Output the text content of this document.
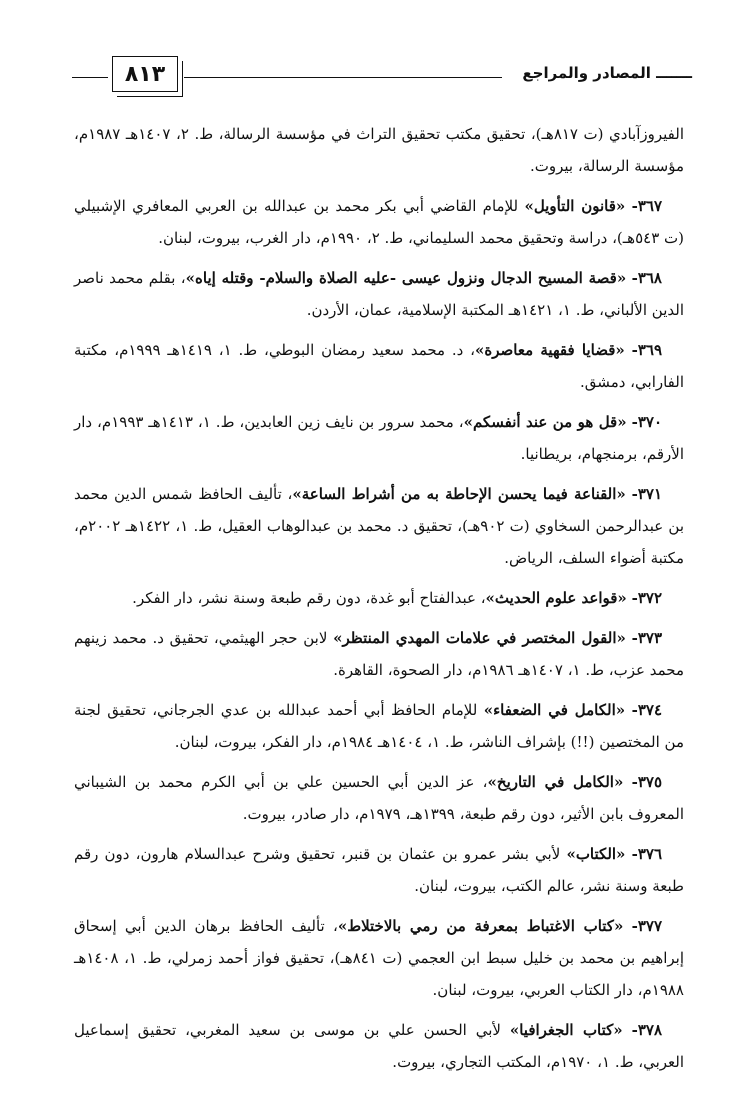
٨١٣	ـــــــ المصادر والمراجع

الفيروزآبادي (ت ٨١٧هـ)، تحقيق مكتب تحقيق التراث في مؤسسة الرسالة، ط. ٢، ١٤٠٧هـ ١٩٨٧م، مؤسسة الرسالة، بيروت.

٣٦٧- «قانون التأويل» للإمام القاضي أبي بكر محمد بن عبدالله بن العربي المعافري الإشبيلي (ت ٥٤٣هـ)، دراسة وتحقيق محمد السليماني، ط. ٢، ١٩٩٠م، دار الغرب، بيروت، لبنان.

٣٦٨- «قصة المسيح الدجال ونزول عيسى -عليه الصلاة والسلام- وقتله إياه»، بقلم محمد ناصر الدين الألباني، ط. ١، ١٤٢١هـ المكتبة الإسلامية، عمان، الأردن.

٣٦٩- «قضايا فقهية معاصرة»، د. محمد سعيد رمضان البوطي، ط. ١، ١٤١٩هـ ١٩٩٩م، مكتبة الفارابي، دمشق.

٣٧٠- «قل هو من عند أنفسكم»، محمد سرور بن نايف زين العابدين، ط. ١، ١٤١٣هـ ١٩٩٣م، دار الأرقم، برمنجهام، بريطانيا.

٣٧١- «القناعة فيما يحسن الإحاطة به من أشراط الساعة»، تأليف الحافظ شمس الدين محمد بن عبدالرحمن السخاوي (ت ٩٠٢هـ)، تحقيق د. محمد بن عبدالوهاب العقيل، ط. ١، ١٤٢٢هـ ٢٠٠٢م، مكتبة أضواء السلف، الرياض.

٣٧٢- «قواعد علوم الحديث»، عبدالفتاح أبو غدة، دون رقم طبعة وسنة نشر، دار الفكر.

٣٧٣- «القول المختصر في علامات المهدي المنتظر» لابن حجر الهيثمي، تحقيق د. محمد زينهم محمد عزب، ط. ١، ١٤٠٧هـ ١٩٨٦م، دار الصحوة، القاهرة.

٣٧٤- «الكامل في الضعفاء» للإمام الحافظ أبي أحمد عبدالله بن عدي الجرجاني، تحقيق لجنة من المختصين (!!) بإشراف الناشر، ط. ١، ١٤٠٤هـ ١٩٨٤م، دار الفكر، بيروت، لبنان.

٣٧٥- «الكامل في التاريخ»، عز الدين أبي الحسين علي بن أبي الكرم محمد بن الشيباني المعروف بابن الأثير، دون رقم طبعة، ١٣٩٩هـ، ١٩٧٩م، دار صادر، بيروت.

٣٧٦- «الكتاب» لأبي بشر عمرو بن عثمان بن قنبر، تحقيق وشرح عبدالسلام هارون، دون رقم طبعة وسنة نشر، عالم الكتب، بيروت، لبنان.

٣٧٧- «كتاب الاغتباط بمعرفة من رمي بالاختلاط»، تأليف الحافظ برهان الدين أبي إسحاق إبراهيم بن محمد بن خليل سبط ابن العجمي (ت ٨٤١هـ)، تحقيق فواز أحمد زمرلي، ط. ١، ١٤٠٨هـ ١٩٨٨م، دار الكتاب العربي، بيروت، لبنان.

٣٧٨- «كتاب الجغرافيا» لأبي الحسن علي بن موسى بن سعيد المغربي، تحقيق إسماعيل العربي، ط. ١، ١٩٧٠م، المكتب التجاري، بيروت.
